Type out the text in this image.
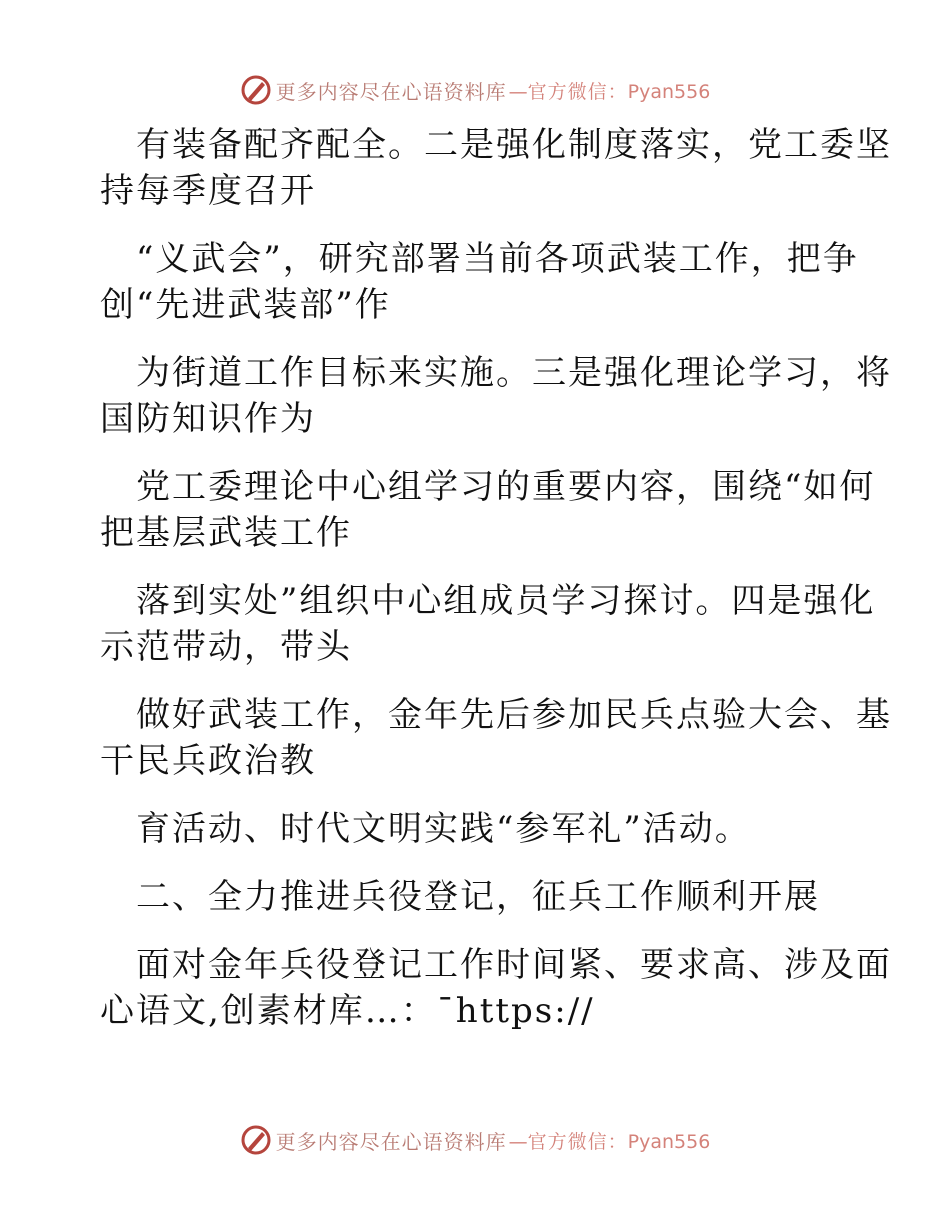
更多内容尽在心语资料库 —官方微信：Pyan556
有装备配齐配全。二是强化制度落实，党工委坚
持每季度召开
“义武会”，研究部署当前各项武装工作，把争
创“先进武装部”作
为街道工作目标来实施。三是强化理论学习，将
国防知识作为
党工委理论中心组学习的重要内容，围绕“如何
把基层武装工作
落到实处”组织中心组成员学习探讨。四是强化
示范带动，带头
做好武装工作，金年先后参加民兵点验大会、基
干民兵政治教
育活动、时代文明实践“参军礼”活动。
二、全力推进兵役登记，征兵工作顺利开展
面对金年兵役登记工作时间紧、要求高、涉及面
心语文,创素材库…：¯https://
更多内容尽在心语资料库 —官方微信：Pyan556
